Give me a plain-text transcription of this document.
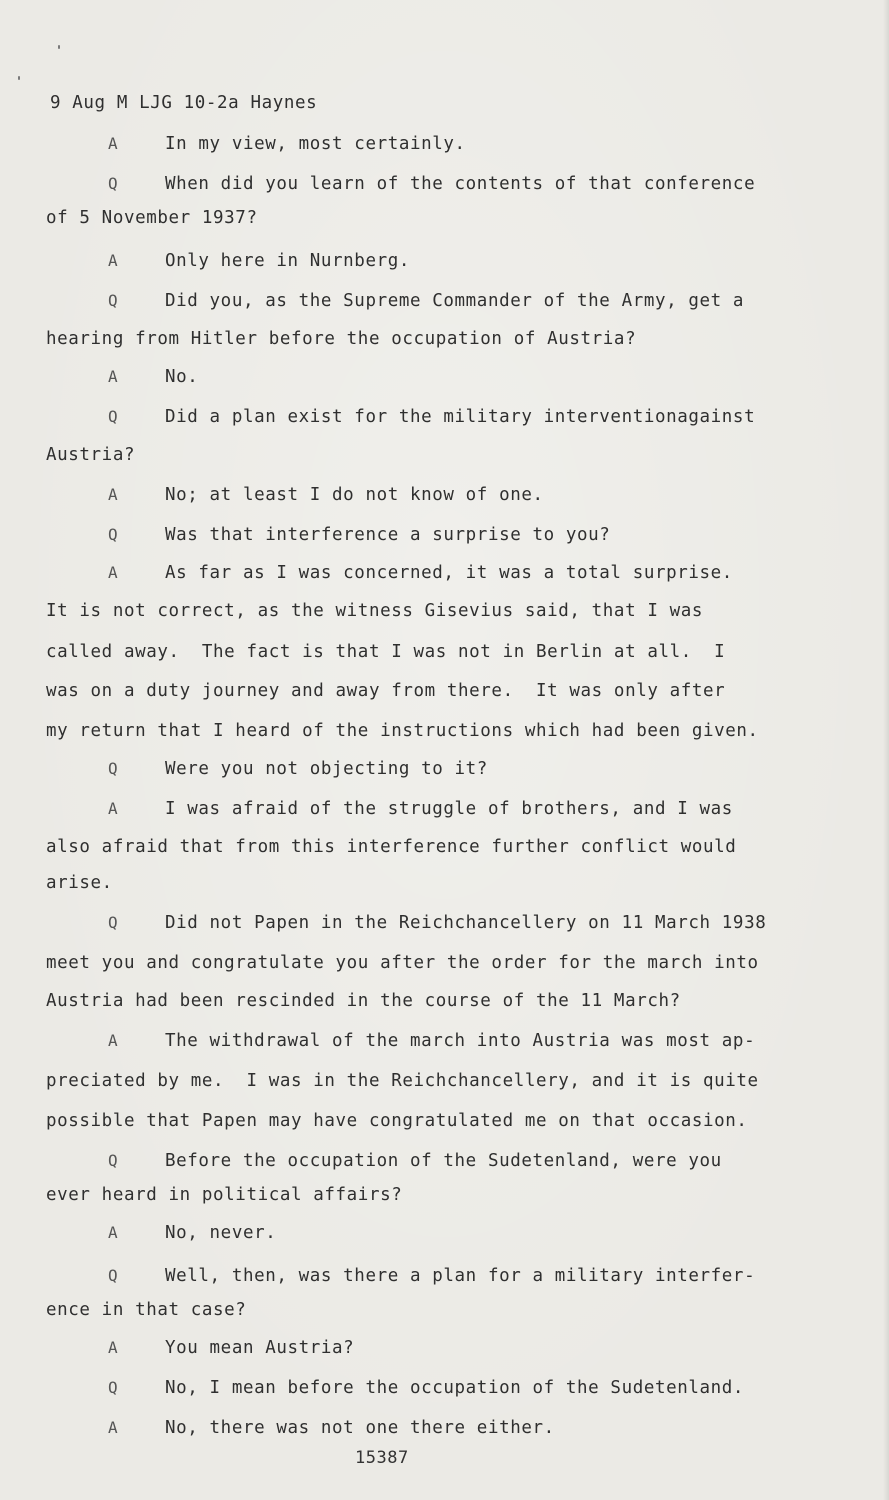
9 Aug M LJG 10-2a Haynes
A	In my view, most certainly.
Q	When did you learn of the contents of that conference
of 5 November 1937?
A	Only here in Nurnberg.
Q	Did you, as the Supreme Commander of the Army, get a
hearing from Hitler before the occupation of Austria?
A	No.
Q	Did a plan exist for the military interventionagainst
Austria?
A	No; at least I do not know of one.
Q	Was that interference a surprise to you?
A	As far as I was concerned, it was a total surprise.
It is not correct, as the witness Gisevius said, that I was
called away.  The fact is that I was not in Berlin at all.  I
was on a duty journey and away from there.  It was only after
my return that I heard of the instructions which had been given.
Q	Were you not objecting to it?
A	I was afraid of the struggle of brothers, and I was
also afraid that from this interference further conflict would
arise.
Q	Did not Papen in the Reichchancellery on 11 March 1938
meet you and congratulate you after the order for the march into
Austria had been rescinded in the course of the 11 March?
A	The withdrawal of the march into Austria was most ap-
preciated by me.  I was in the Reichchancellery, and it is quite
possible that Papen may have congratulated me on that occasion.
Q	Before the occupation of the Sudetenland, were you
ever heard in political affairs?
A	No, never.
Q	Well, then, was there a plan for a military interfer-
ence in that case?
A	You mean Austria?
Q	No, I mean before the occupation of the Sudetenland.
A	No, there was not one there either.
15387
